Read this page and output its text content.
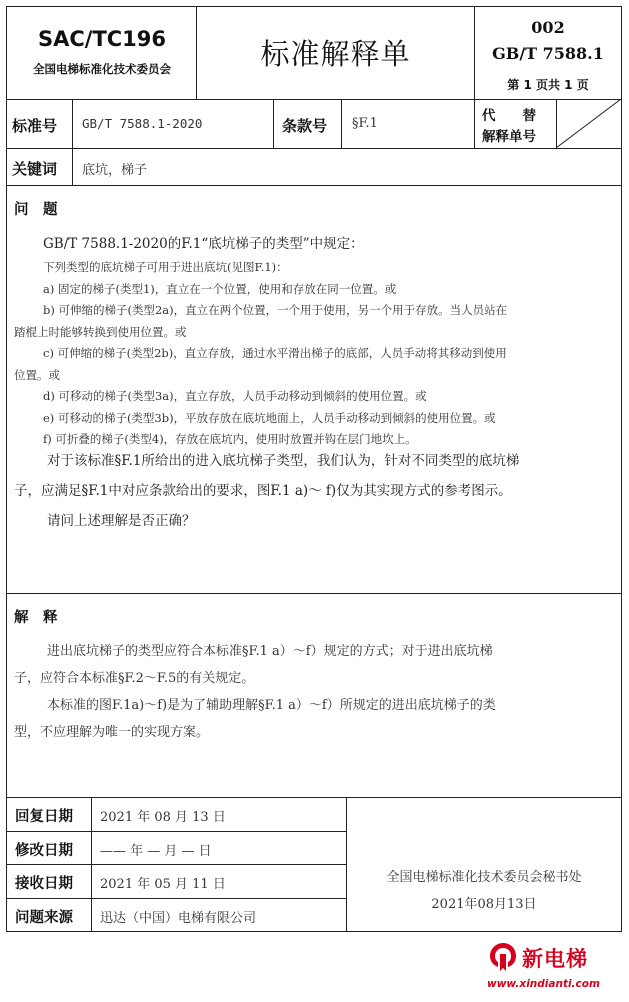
SAC/TC196
全国电梯标准化技术委员会	标准解释单
002
GB/T 7588.1
第 1 页共 1 页
标准号 GB/T 7588.1-2020	条款号 §F.1	代　　替
解释单号
关键词 底坑，梯子
问　题
GB/T 7588.1-2020的F.1“底坑梯子的类型”中规定：

下列类型的底坑梯子可用于进出底坑(见图F.1)：

a) 固定的梯子(类型1)，直立在一个位置，使用和存放在同一位置。或

b) 可伸缩的梯子(类型2a)，直立在两个位置，一个用于使用，另一个用于存放。当人员站在

踏棍上时能够转换到使用位置。或

c) 可伸缩的梯子(类型2b)，直立存放，通过水平滑出梯子的底部，人员手动将其移动到使用

位置。或

d) 可移动的梯子(类型3a)，直立存放，人员手动移动到倾斜的使用位置。或

e) 可移动的梯子(类型3b)，平放存放在底坑地面上，人员手动移动到倾斜的使用位置。或

f) 可折叠的梯子(类型4)，存放在底坑内，使用时放置并钩在层门地坎上。

对于该标准§F.1所给出的进入底坑梯子类型，我们认为，针对不同类型的底坑梯

子，应满足§F.1中对应条款给出的要求，图F.1 a)～ f)仅为其实现方式的参考图示。

请问上述理解是否正确？

解　释

进出底坑梯子的类型应符合本标准§F.1 a）～f）规定的方式；对于进出底坑梯

子，应符合本标准§F.2～F.5的有关规定。

本标准的图F.1a)～f)是为了辅助理解§F.1 a）～f）所规定的进出底坑梯子的类

型，不应理解为唯一的实现方案。

回复日期 2021 年 08 月 13 日
修改日期 —— 年 — 月 — 日
接收日期 2021 年 05 月 11 日
问题来源 迅达（中国）电梯有限公司
全国电梯标准化技术委员会秘书处
2021年08月13日
新电梯
www.xindianti.com
